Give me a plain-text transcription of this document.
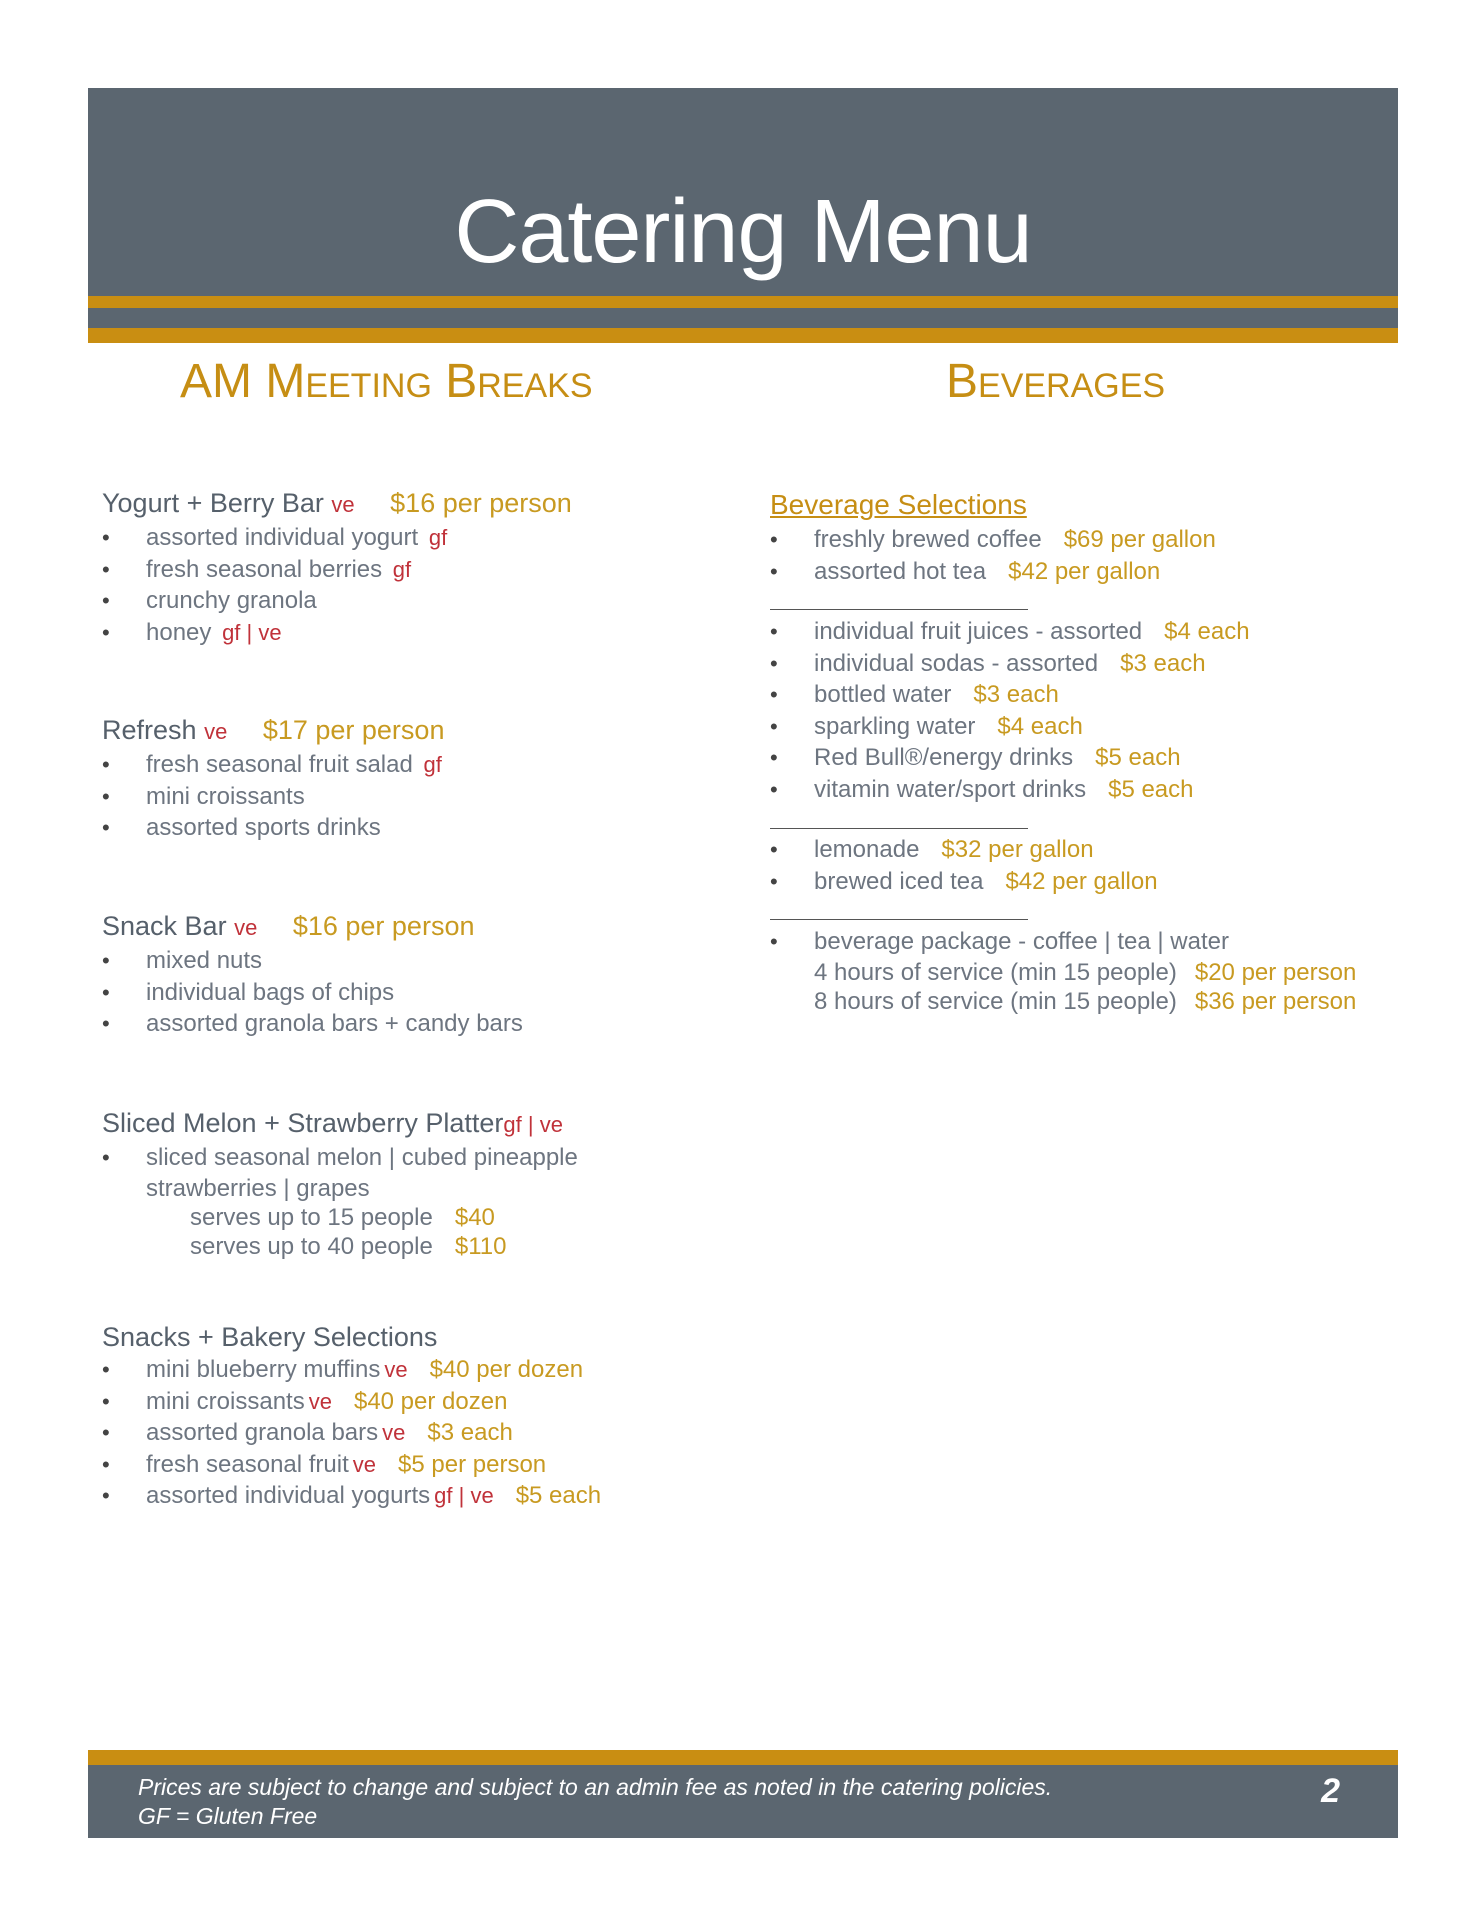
Catering Menu
AM Meeting Breaks	Beverages
Yogurt + Berry Bar ve $16 per person
• assorted individual yogurt gf
• fresh seasonal berries gf
• crunchy granola
• honey gf | ve
Refresh ve $17 per person
• fresh seasonal fruit salad gf
• mini croissants
• assorted sports drinks
Snack Bar ve $16 per person
• mixed nuts
• individual bags of chips
• assorted granola bars + candy bars
Sliced Melon + Strawberry Plattergf | ve
• sliced seasonal melon | cubed pineapple
strawberries | grapes
serves up to 15 people $40
serves up to 40 people $110
Snacks + Bakery Selections
• mini blueberry muffins ve $40 per dozen
• mini croissants ve $40 per dozen
• assorted granola bars ve $3 each
• fresh seasonal fruit ve $5 per person
• assorted individual yogurts gf | ve $5 each
Beverage Selections
• freshly brewed coffee $69 per gallon
• assorted hot tea $42 per gallon
• individual fruit juices - assorted $4 each
• individual sodas - assorted $3 each
• bottled water $3 each
• sparkling water $4 each
• Red Bull®/energy drinks $5 each
• vitamin water/sport drinks $5 each
• lemonade $32 per gallon
• brewed iced tea $42 per gallon
• beverage package - coffee | tea | water
4 hours of service (min 15 people) $20 per person
8 hours of service (min 15 people) $36 per person
Prices are subject to change and subject to an admin fee as noted in the catering policies.
GF = Gluten Free
2
